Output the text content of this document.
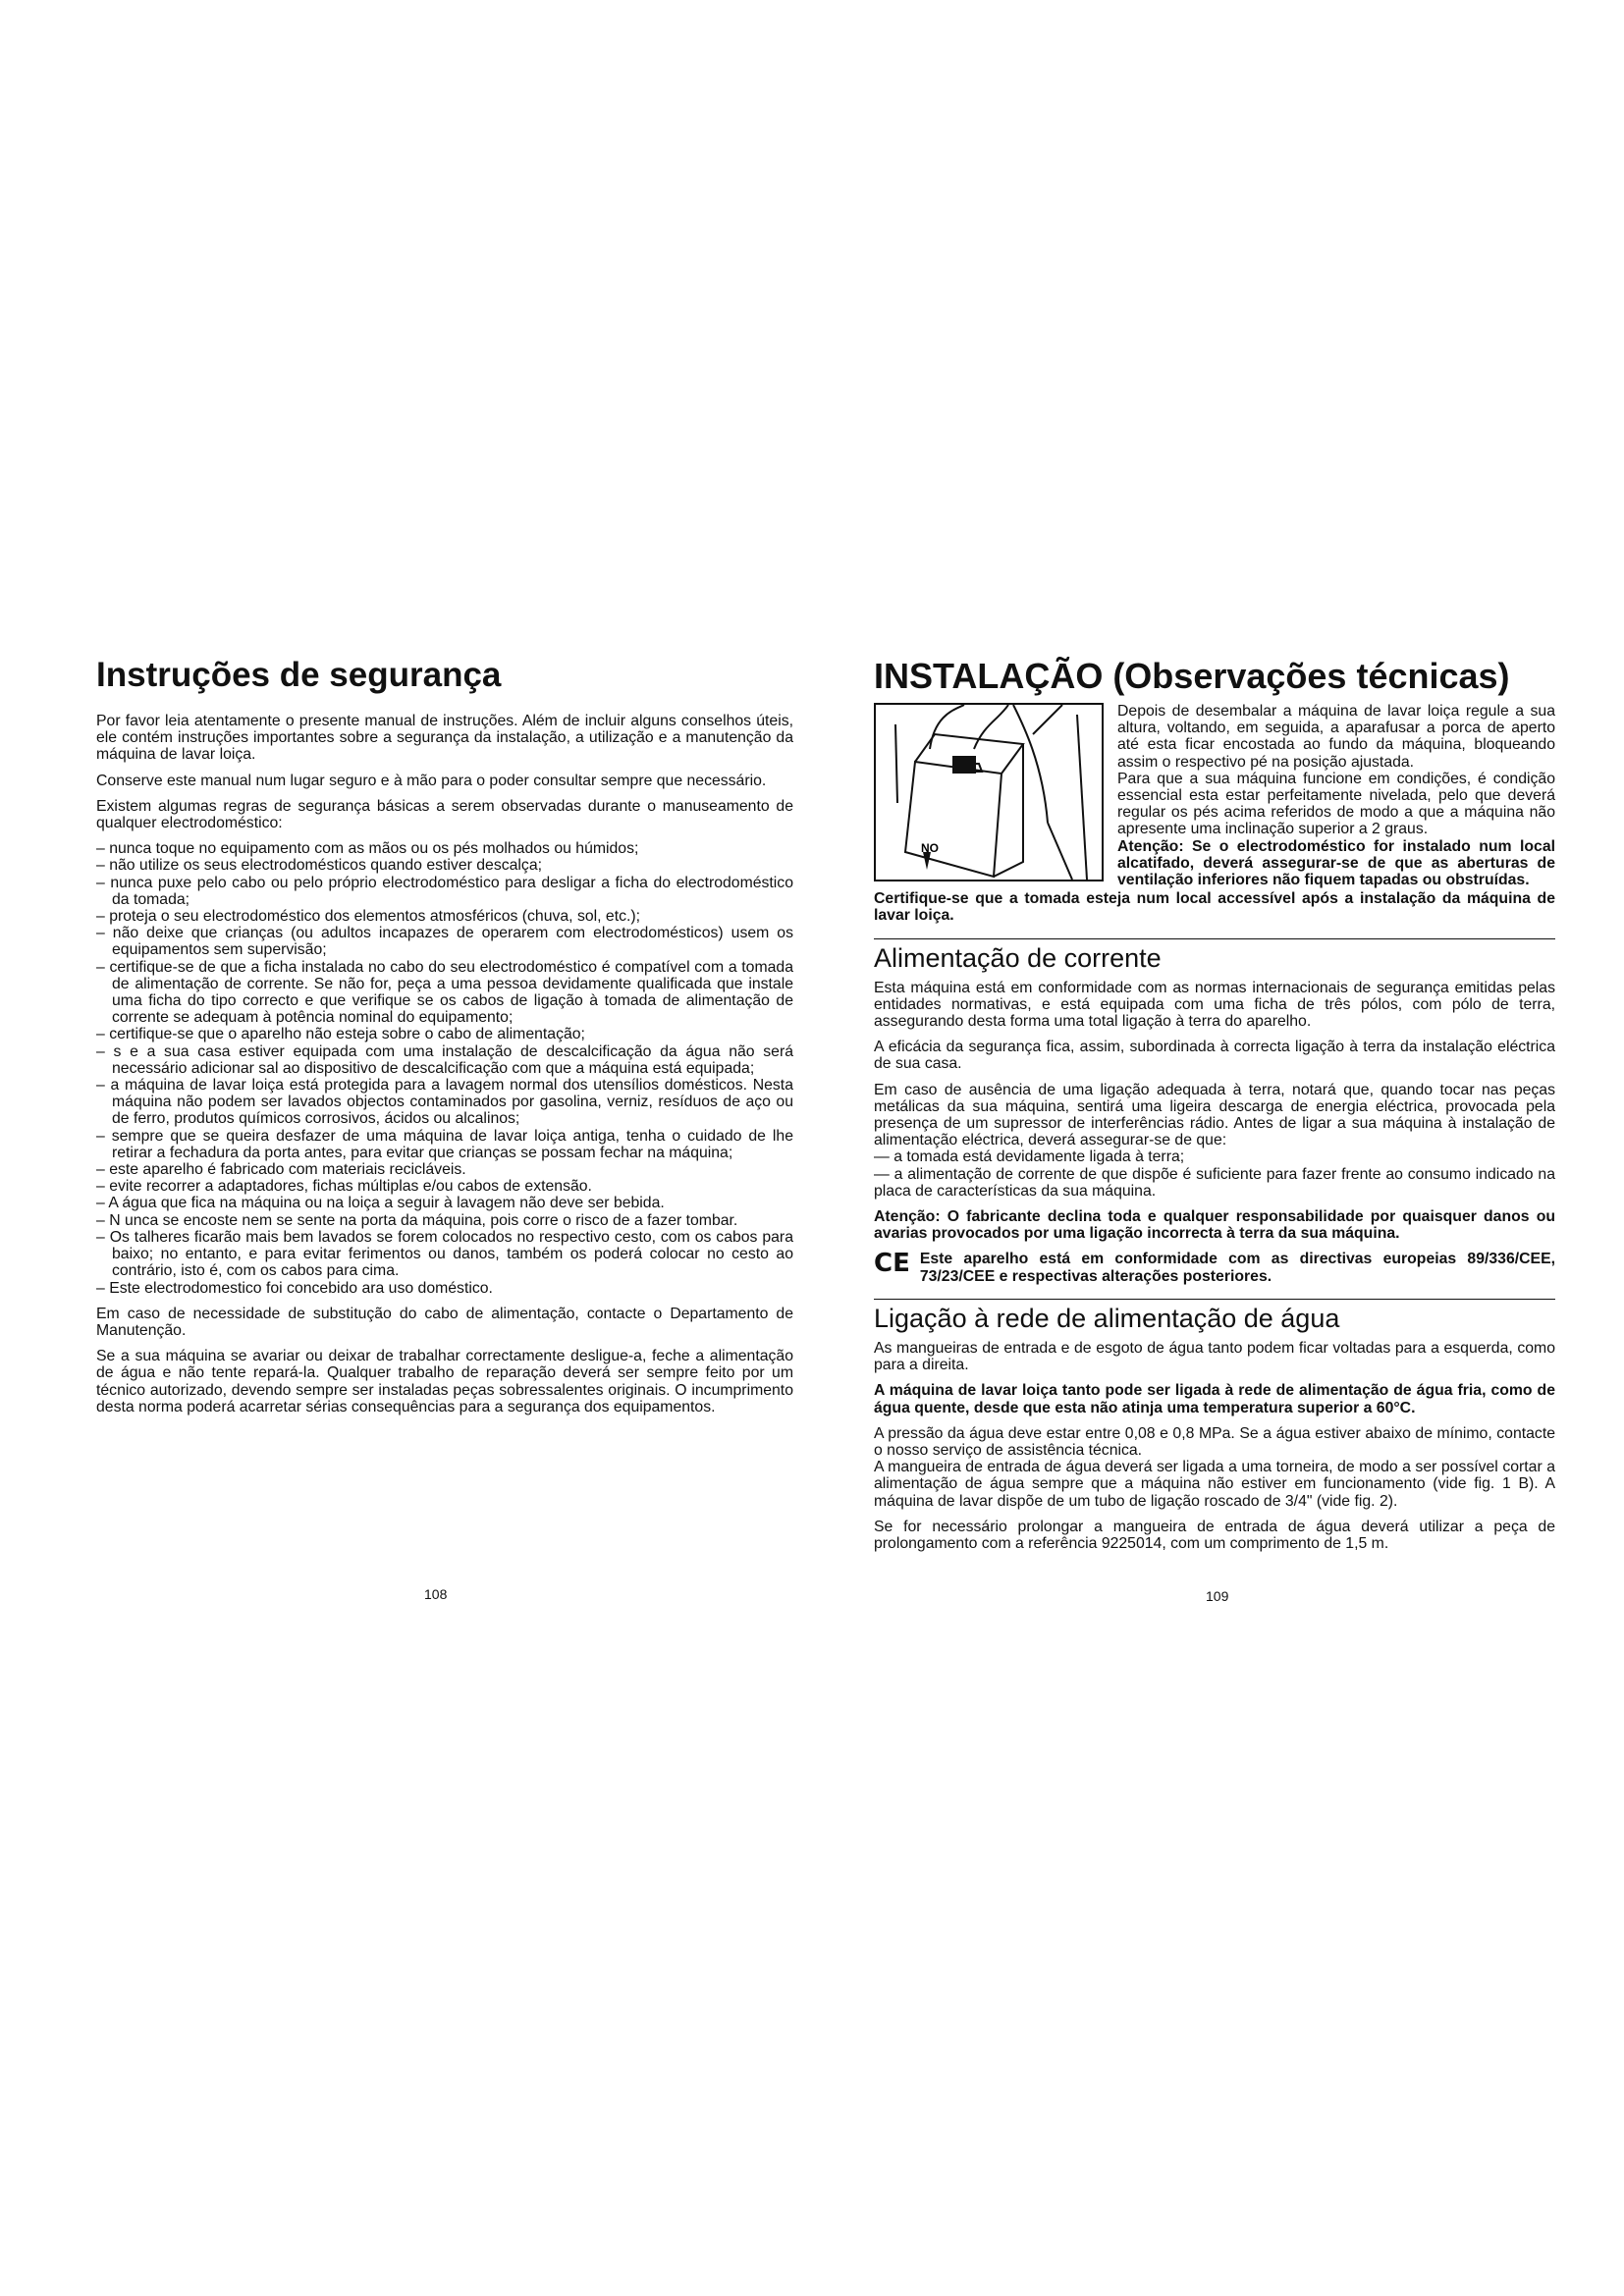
Instruções de segurança

Por favor leia atentamente o presente manual de instruções. Além de incluir alguns conselhos úteis, ele contém instruções importantes sobre a segurança da instalação, a utilização e a manutenção da máquina de lavar loiça.

Conserve este manual num lugar seguro e à mão para o poder consultar sempre que necessário.

Existem algumas regras de segurança básicas a serem observadas durante o manuseamento de qualquer electrodoméstico:

– nunca toque no equipamento com as mãos ou os pés molhados ou húmidos;
– não utilize os seus electrodomésticos quando estiver descalça;
– nunca puxe pelo cabo ou pelo próprio electrodoméstico para desligar a ficha do electrodoméstico da tomada;
– proteja o seu electrodoméstico dos elementos atmosféricos (chuva, sol, etc.);
– não deixe que crianças (ou adultos incapazes de operarem com electrodomésticos) usem os equipamentos sem supervisão;
– certifique-se de que a ficha instalada no cabo do seu electrodoméstico é compatível com a tomada de alimentação de corrente. Se não for, peça a uma pessoa devidamente qualificada que instale uma ficha do tipo correcto e que verifique se os cabos de ligação à tomada de alimentação de corrente se adequam à potência nominal do equipamento;
– certifique-se que o aparelho não esteja sobre o cabo de alimentação;
– s e a sua casa estiver equipada com uma instalação de descalcificação da água não será necessário adicionar sal ao dispositivo de descalcificação com que a máquina está equipada;
– a máquina de lavar loiça está protegida para a lavagem normal dos utensílios domésticos. Nesta máquina não podem ser lavados objectos contaminados por gasolina, verniz, resíduos de aço ou de ferro, produtos químicos corrosivos, ácidos ou alcalinos;
– sempre que se queira desfazer de uma máquina de lavar loiça antiga, tenha o cuidado de lhe retirar a fechadura da porta antes, para evitar que crianças se possam fechar na máquina;
– este aparelho é fabricado com materiais recicláveis.
– evite recorrer a adaptadores, fichas múltiplas e/ou cabos de extensão.
– A água que fica na máquina ou na loiça a seguir à lavagem não deve ser bebida.
– N unca se encoste nem se sente na porta da máquina, pois corre o risco de a fazer tombar.
– Os talheres ficarão mais bem lavados se forem colocados no respectivo cesto, com os cabos para baixo; no entanto, e para evitar ferimentos ou danos, também os poderá colocar no cesto ao contrário, isto é, com os cabos para cima.
– Este electrodomestico foi concebido ara uso doméstico.

Em caso de necessidade de substitução do cabo de alimentação, contacte o Departamento de Manutenção.

Se a sua máquina se avariar ou deixar de trabalhar correctamente desligue-a, feche a alimentação de água e não tente repará-la. Qualquer trabalho de reparação deverá ser sempre feito por um técnico autorizado, devendo sempre ser instaladas peças sobressalentes originais. O incumprimento desta norma poderá acarretar sérias consequências para a segurança dos equipamentos.

108
INSTALAÇÃO (Observações técnicas)
NO

Depois de desembalar a máquina de lavar loiça regule a sua altura, voltando, em seguida, a aparafusar a porca de aperto até esta ficar encostada ao fundo da máquina, bloqueando assim o respectivo pé na posição ajustada.

Para que a sua máquina funcione em condições, é condição essencial esta estar perfeitamente nivelada, pelo que deverá regular os pés acima referidos de modo a que a máquina não apresente uma inclinação superior a 2 graus.

Atenção: Se o electrodoméstico for instalado num local alcatifado, deverá assegurar-se de que as aberturas de ventilação inferiores não fiquem tapadas ou obstruídas.

Certifique-se que a tomada esteja num local accessível após a instalação da máquina de lavar loiça.

Alimentação de corrente

Esta máquina está em conformidade com as normas internacionais de segurança emitidas pelas entidades normativas, e está equipada com uma ficha de três pólos, com pólo de terra, assegurando desta forma uma total ligação à terra do aparelho.

A eficácia da segurança fica, assim, subordinada à correcta ligação à terra da instalação eléctrica de sua casa.

Em caso de ausência de uma ligação adequada à terra, notará que, quando tocar nas peças metálicas da sua máquina, sentirá uma ligeira descarga de energia eléctrica, provocada pela presença de um supressor de interferências rádio. Antes de ligar a sua máquina à instalação de alimentação eléctrica, deverá assegurar-se de que:

— a tomada está devidamente ligada à terra;
— a alimentação de corrente de que dispõe é suficiente para fazer frente ao consumo indicado na placa de características da sua máquina.

Atenção: O fabricante declina toda e qualquer responsabilidade por quaisquer danos ou avarias provocados por uma ligação incorrecta à terra da sua máquina.

CE Este aparelho está em conformidade com as directivas europeias 89/336/CEE, 73/23/CEE e respectivas alterações posteriores.

Ligação à rede de alimentação de água

As mangueiras de entrada e de esgoto de água tanto podem ficar voltadas para a esquerda, como para a direita.

A máquina de lavar loiça tanto pode ser ligada à rede de alimentação de água fria, como de água quente, desde que esta não atinja uma temperatura superior a 60°C.

A pressão da água deve estar entre 0,08 e 0,8 MPa. Se a água estiver abaixo de mínimo, contacte o nosso serviço de assistência técnica.

A mangueira de entrada de água deverá ser ligada a uma torneira, de modo a ser possível cortar a alimentação de água sempre que a máquina não estiver em funcionamento (vide fig. 1 B). A máquina de lavar dispõe de um tubo de ligação roscado de 3/4" (vide fig. 2).

Se for necessário prolongar a mangueira de entrada de água deverá utilizar a peça de prolongamento com a referência 9225014, com um comprimento de 1,5 m.

109
